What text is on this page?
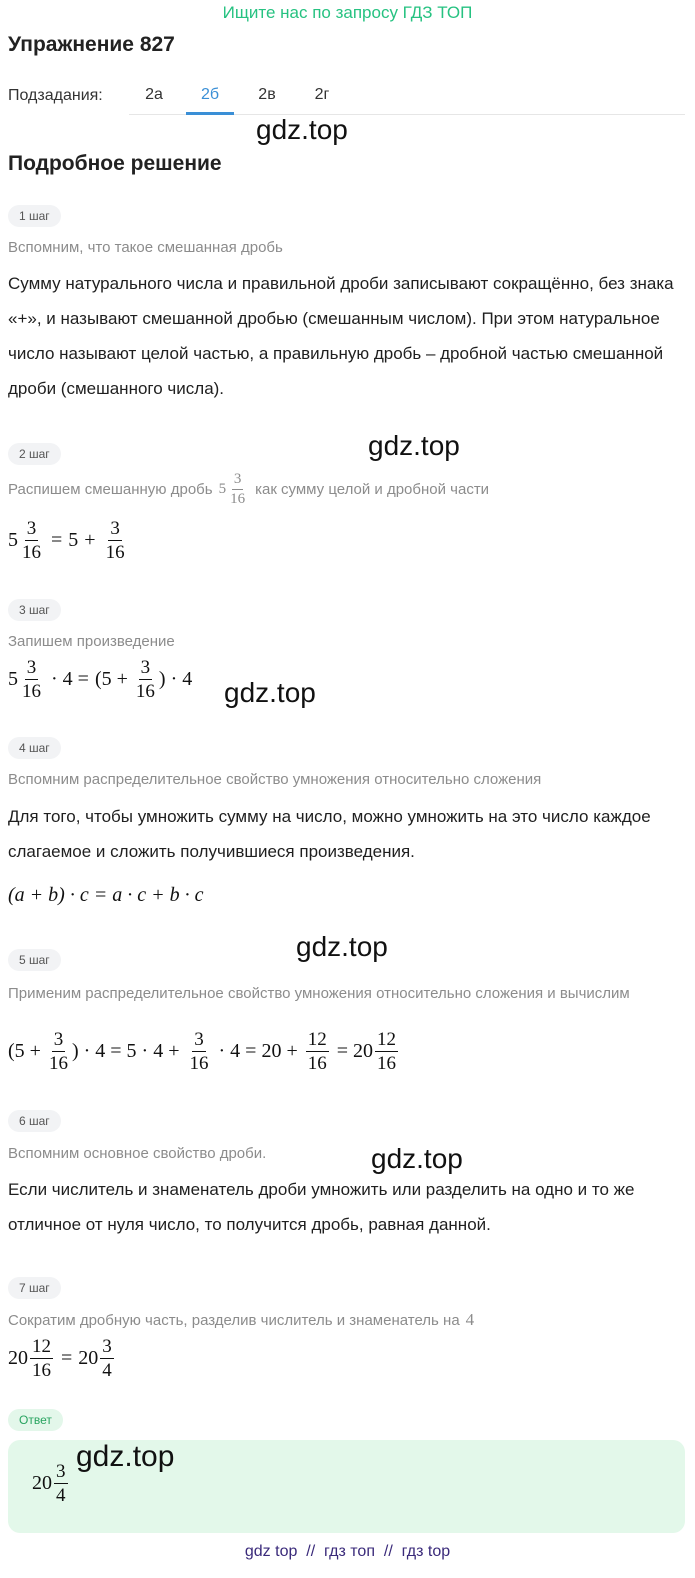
Ищите нас по запросу ГДЗ ТОП
Упражнение 827
Подзадания:	2а	2б	2в	2г
gdz.top
Подробное решение
1 шаг
Вспомним, что такое смешанная дробь
Сумму натурального числа и правильной дроби записывают сокращённо, без знака «+», и называют смешанной дробью (смешанным числом). При этом натуральное число называют целой частью, а правильную дробь – дробной частью смешанной дроби (смешанного числа).
2 шаг	gdz.top
Распишем смешанную дробь $5 \frac{3}{16}$ как сумму целой и дробной части
$5 \frac{3}{16} = 5 + \frac{3}{16}$
3 шаг
Запишем произведение
$5 \frac{3}{16} \cdot 4 = (5 + \frac{3}{16}$ ) · 4 gdz.top
4 шаг
Вспомним распределительное свойство умножения относительно сложения
Для того, чтобы умножить сумму на число, можно умножить на это число каждое слагаемое и сложить получившиеся произведения.
(a + b) · c = a · c + b · c
gdz.top
5 шаг
Применим распределительное свойство умножения относительно сложения и вычислим
($5 + \frac{3}{16}$ ) · $4 = 5 \cdot 4 + \frac{3}{16} \cdot 4 = 20 + \frac{12}{16} = 20 \frac{12}{16}$
6 шаг
Вспомним основное свойство дроби.	gdz.top
Если числитель и знаменатель дроби умножить или разделить на одно и то же отличное от нуля число, то получится дробь, равная данной.
7 шаг
Сократим дробную часть, разделив числитель и знаменатель на 4
$20 \frac{12}{16} = 20 \frac{3}{4}$
Ответ
$20 \frac{3}{4}$
gdz.top
gdz top  //  гдз топ  //  гдз top
